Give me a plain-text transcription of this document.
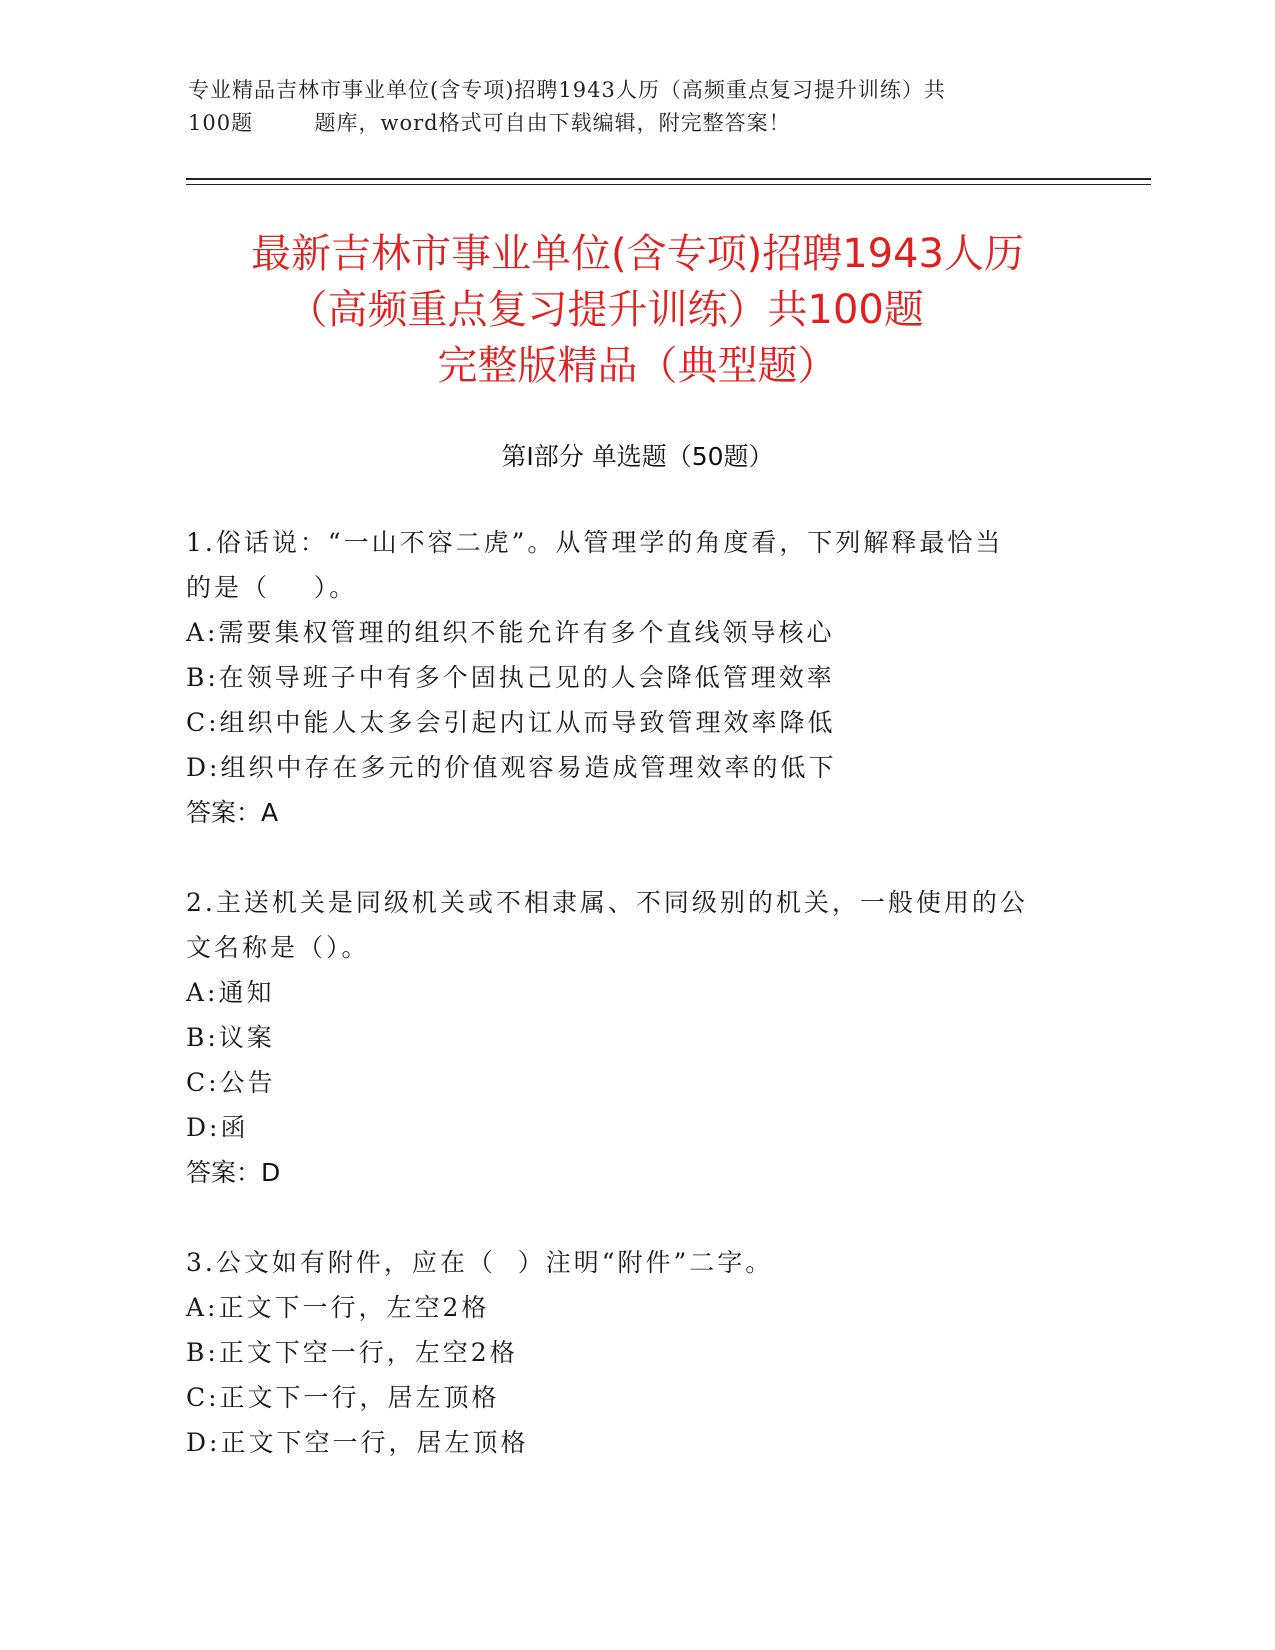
专业精品吉林市事业单位(含专项)招聘1943人历（高频重点复习提升训练）共
100题        题库，word格式可自由下载编辑，附完整答案！
最新吉林市事业单位(含专项)招聘1943人历
（高频重点复习提升训练）共100题
完整版精品（典型题）
第I部分 单选题（50题）
1.俗话说：“一山不容二虎”。从管理学的角度看，下列解释最恰当
的是（    ）。
A:需要集权管理的组织不能允许有多个直线领导核心
B:在领导班子中有多个固执己见的人会降低管理效率
C:组织中能人太多会引起内讧从而导致管理效率降低
D:组织中存在多元的价值观容易造成管理效率的低下
答案：A
2.主送机关是同级机关或不相隶属、不同级别的机关，一般使用的公
文名称是（）。
A:通知
B:议案
C:公告
D:函
答案：D
3.公文如有附件，应在（  ）注明“附件”二字。
A:正文下一行，左空2格
B:正文下空一行，左空2格
C:正文下一行，居左顶格
D:正文下空一行，居左顶格
